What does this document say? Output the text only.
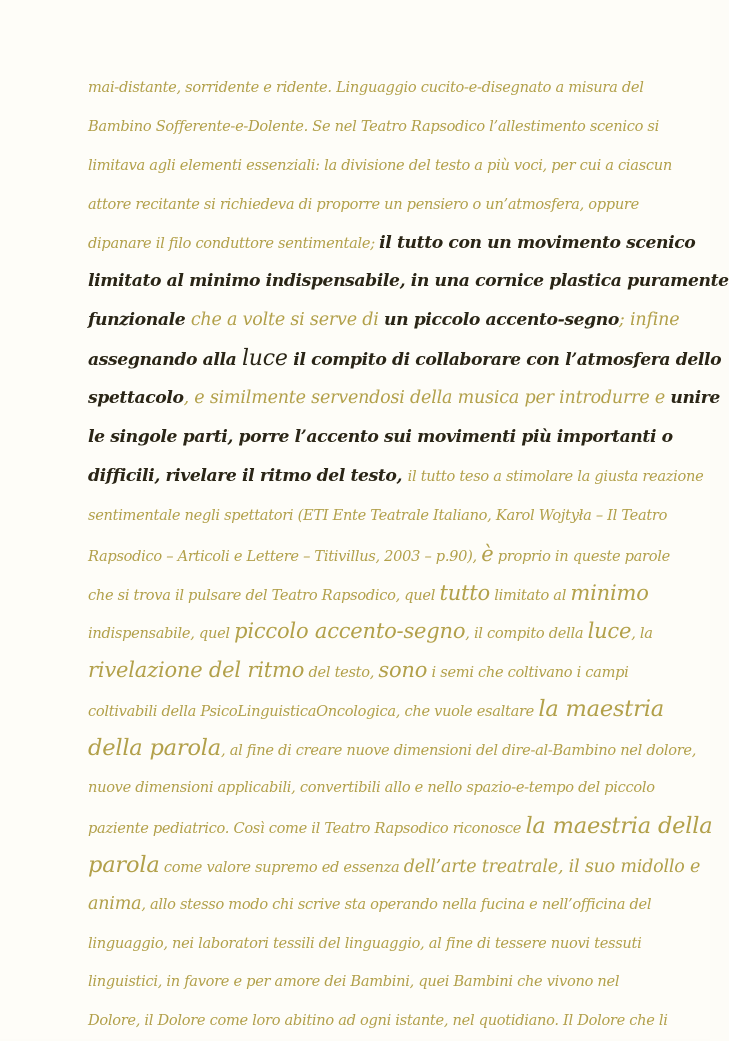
mai-distante, sorridente e ridente. Linguaggio cucito-e-disegnato a misura del
Bambino Sofferente-e-Dolente. Se nel Teatro Rapsodico l’allestimento scenico si
limitava agli elementi essenziali: la divisione del testo a più voci, per cui a ciascun
attore recitante si richiedeva di proporre un pensiero o un’atmosfera, oppure
dipanare il filo conduttore sentimentale; il tutto con un movimento scenico
limitato al minimo indispensabile, in una cornice plastica puramente
funzionale che a volte si serve di un piccolo accento-segno; infine
assegnando alla luce il compito di collaborare con l’atmosfera dello
spettacolo, e similmente servendosi della musica per introdurre e unire
le singole parti, porre l’accento sui movimenti più importanti o
difficili, rivelare il ritmo del testo, il tutto teso a stimolare la giusta reazione
sentimentale negli spettatori (ETI Ente Teatrale Italiano, Karol Wojtyła – Il Teatro
Rapsodico – Articoli e Lettere – Titivillus, 2003 – p.90), è proprio in queste parole
che si trova il pulsare del Teatro Rapsodico, quel tutto limitato al minimo
indispensabile, quel piccolo accento-segno, il compito della luce, la
rivelazione del ritmo del testo, sono i semi che coltivano i campi
coltivabili della PsicoLinguisticaOncologica, che vuole esaltare la maestria
della parola, al fine di creare nuove dimensioni del dire-al-Bambino nel dolore,
nuove dimensioni applicabili, convertibili allo e nello spazio-e-tempo del piccolo
paziente pediatrico. Così come il Teatro Rapsodico riconosce la maestria della
parola come valore supremo ed essenza dell’arte treatrale, il suo midollo e
anima, allo stesso modo chi scrive sta operando nella fucina e nell’officina del
linguaggio, nei laboratori tessili del linguaggio, al fine di tessere nuovi tessuti
linguistici, in favore e per amore dei Bambini, quei Bambini che vivono nel
Dolore, il Dolore come loro abitino ad ogni istante, nel quotidiano. Il Dolore che li
